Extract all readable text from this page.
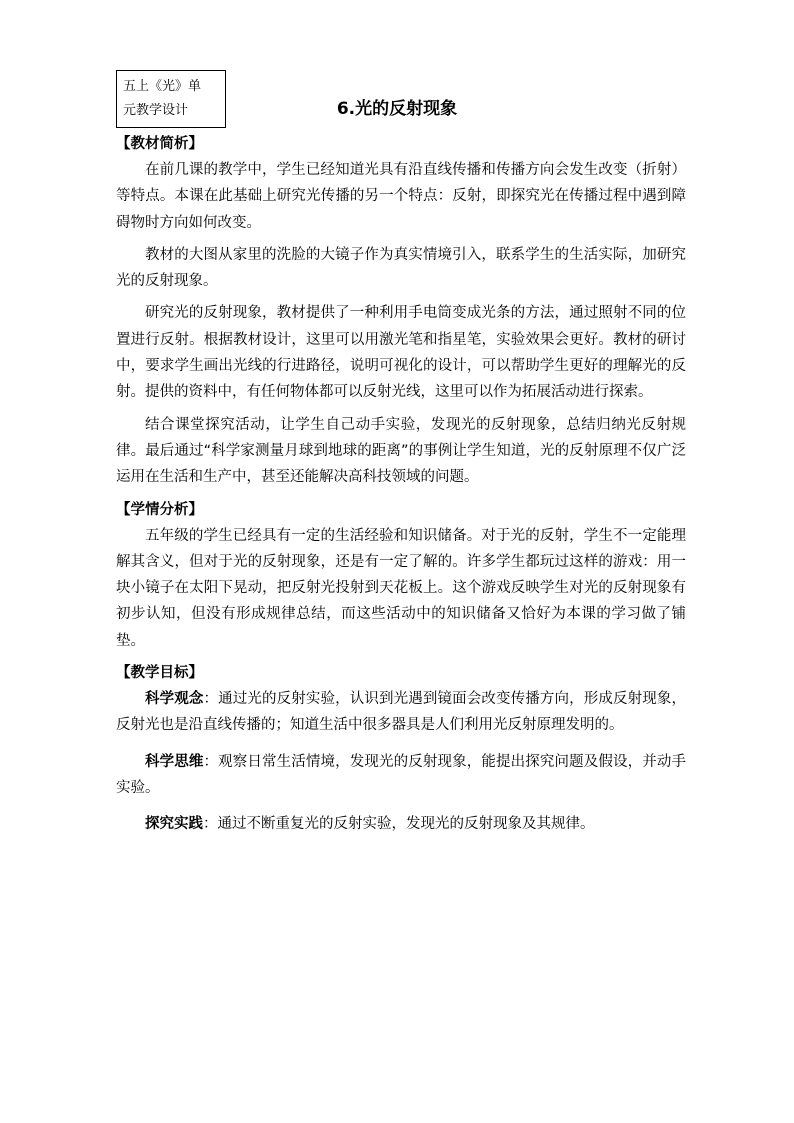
五上《光》单
元教学设计	6.光的反射现象
【教材简析】

在前几课的教学中，学生已经知道光具有沿直线传播和传播方向会发生改变（折射）等特点。本课在此基础上研究光传播的另一个特点：反射，即探究光在传播过程中遇到障碍物时方向如何改变。

教材的大图从家里的洗脸的大镜子作为真实情境引入，联系学生的生活实际，加研究光的反射现象。

研究光的反射现象，教材提供了一种利用手电筒变成光条的方法，通过照射不同的位置进行反射。根据教材设计，这里可以用激光笔和指星笔，实验效果会更好。教材的研讨中，要求学生画出光线的行进路径，说明可视化的设计，可以帮助学生更好的理解光的反射。提供的资料中，有任何物体都可以反射光线，这里可以作为拓展活动进行探索。

结合课堂探究活动，让学生自己动手实验，发现光的反射现象，总结归纳光反射规律。最后通过“科学家测量月球到地球的距离”的事例让学生知道，光的反射原理不仅广泛运用在生活和生产中，甚至还能解决高科技领域的问题。

【学情分析】

五年级的学生已经具有一定的生活经验和知识储备。对于光的反射，学生不一定能理解其含义，但对于光的反射现象，还是有一定了解的。许多学生都玩过这样的游戏：用一块小镜子在太阳下晃动，把反射光投射到天花板上。这个游戏反映学生对光的反射现象有初步认知，但没有形成规律总结，而这些活动中的知识储备又恰好为本课的学习做了铺垫。

【教学目标】

科学观念：通过光的反射实验，认识到光遇到镜面会改变传播方向，形成反射现象，反射光也是沿直线传播的；知道生活中很多器具是人们利用光反射原理发明的。

科学思维：观察日常生活情境，发现光的反射现象，能提出探究问题及假设，并动手实验。

探究实践：通过不断重复光的反射实验，发现光的反射现象及其规律。
